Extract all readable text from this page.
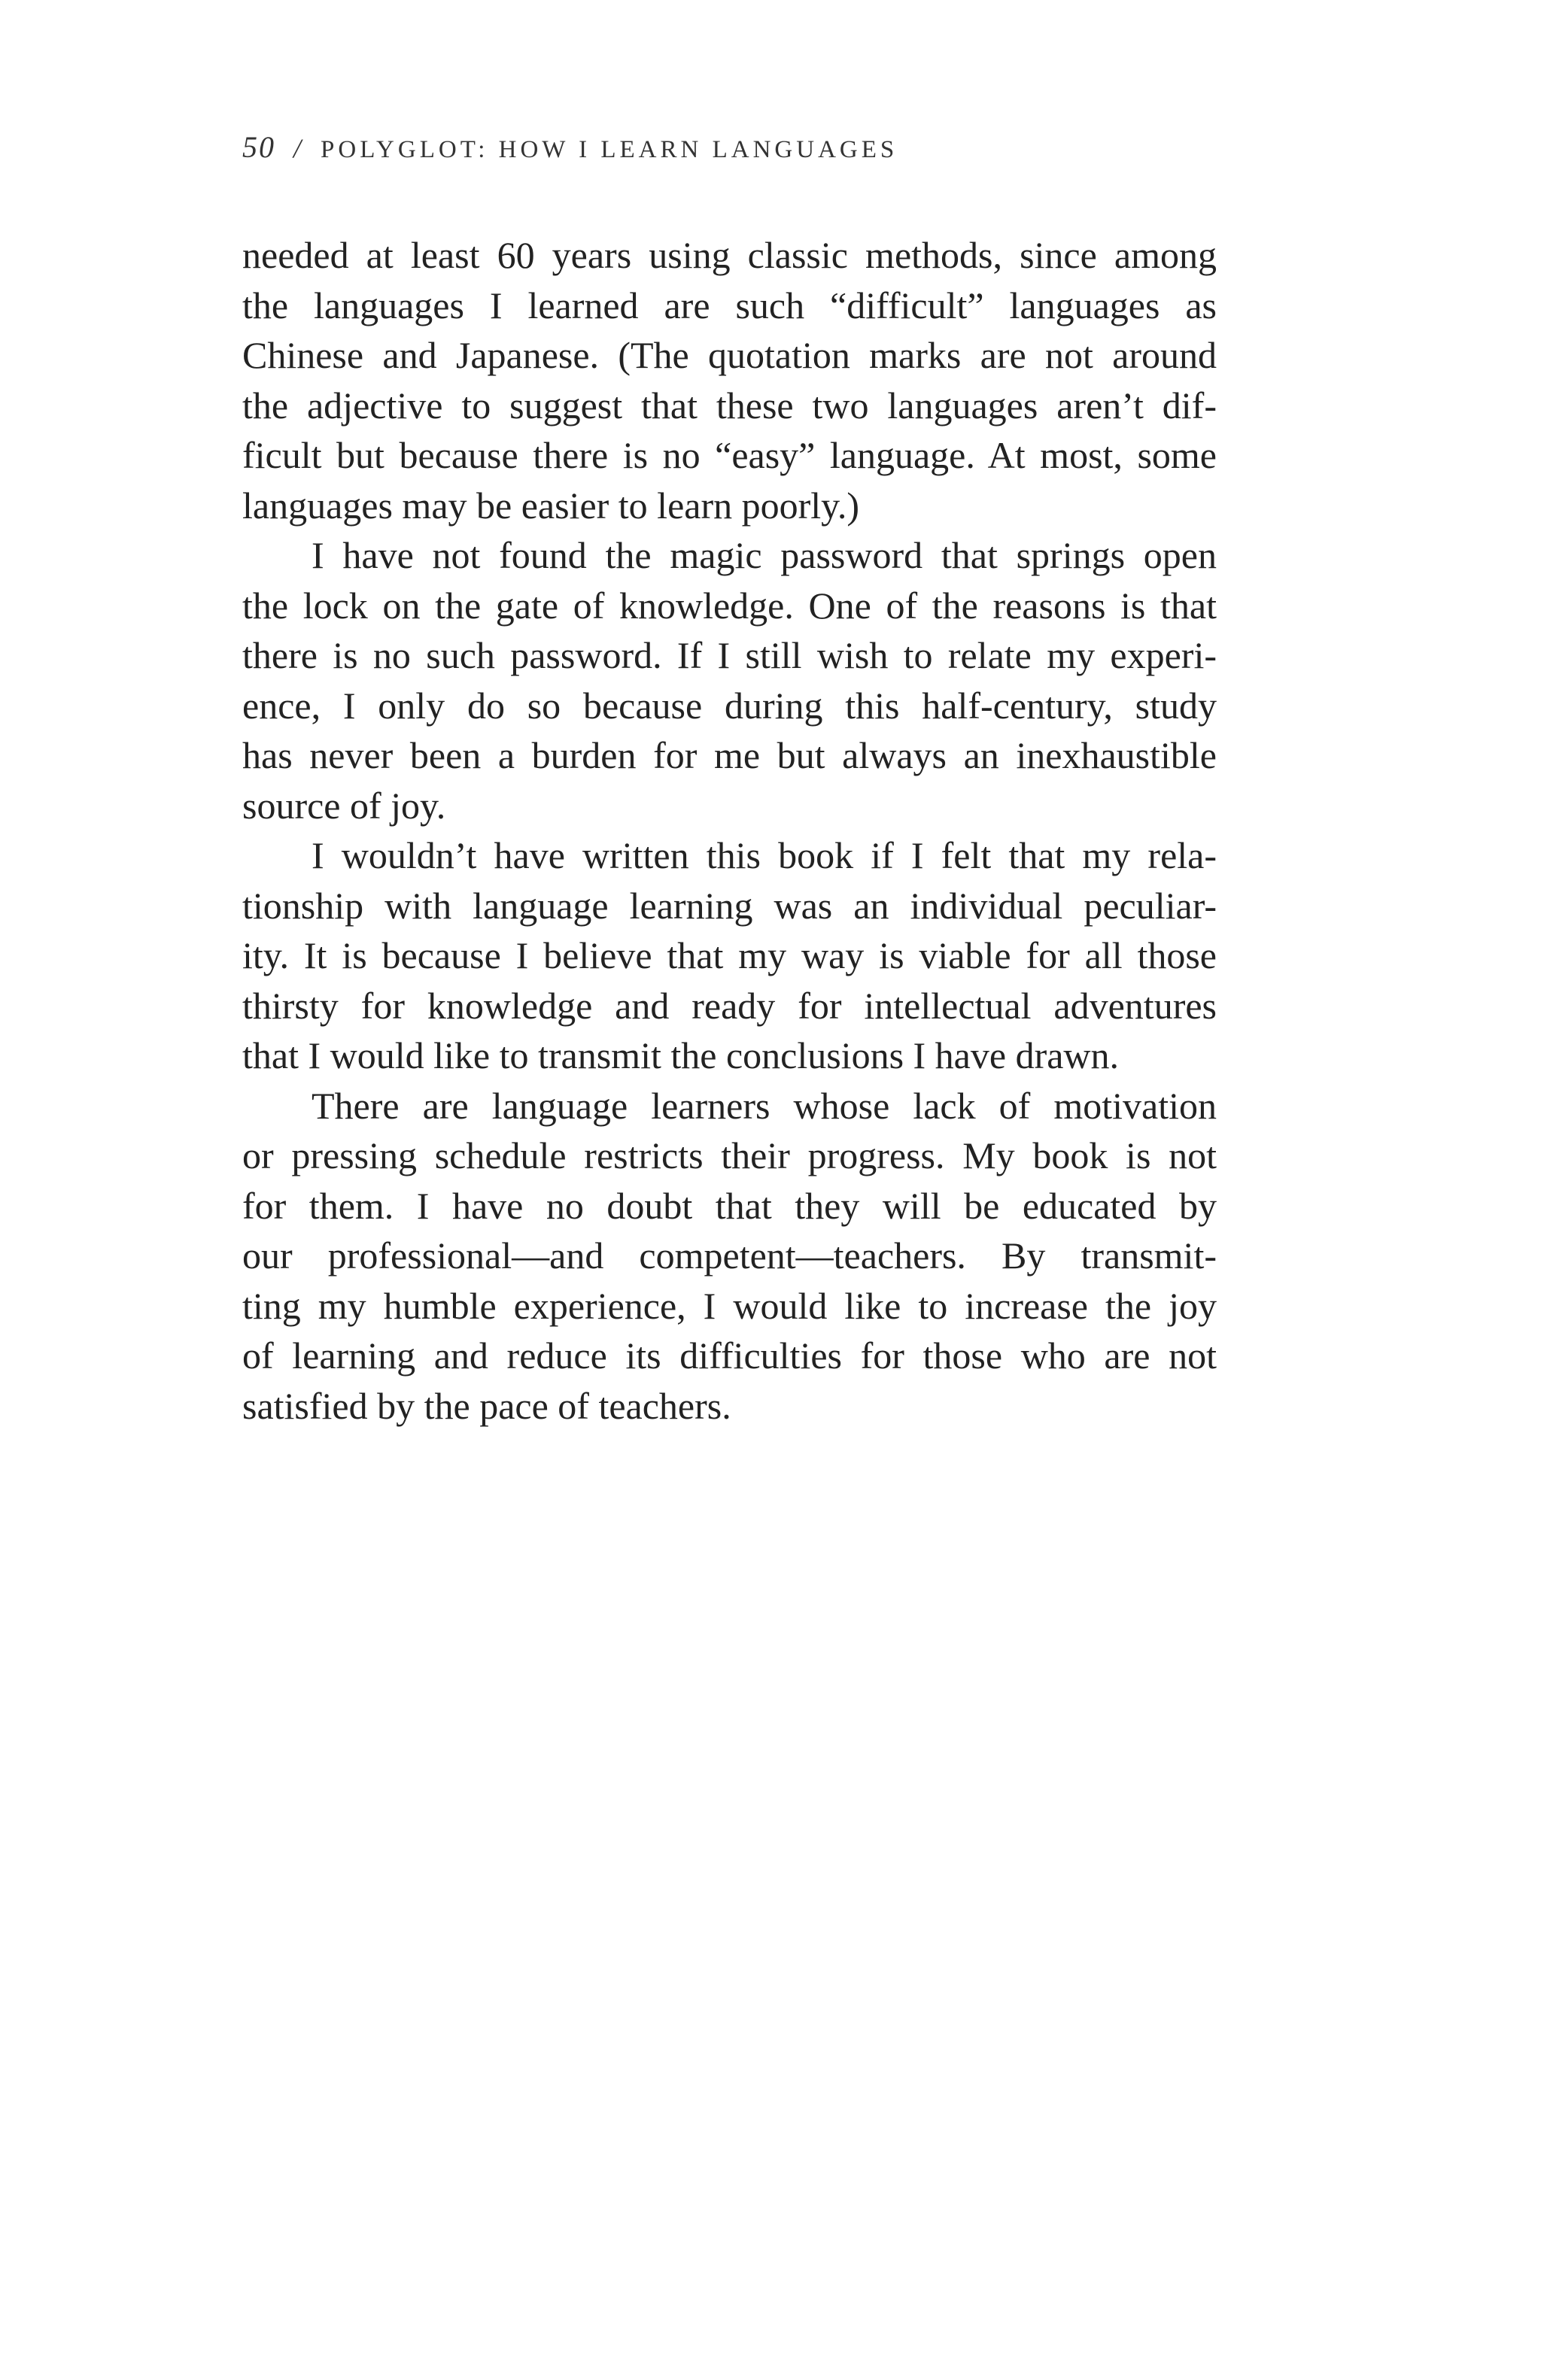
50 / POLYGLOT: HOW I LEARN LANGUAGES
needed at least 60 years using classic methods, since among
the languages I learned are such “difficult” languages as
Chinese and Japanese. (The quotation marks are not around
the adjective to suggest that these two languages aren’t dif-
ficult but because there is no “easy” language. At most, some
languages may be easier to learn poorly.)
I have not found the magic password that springs open
the lock on the gate of knowledge. One of the reasons is that
there is no such password. If I still wish to relate my experi-
ence, I only do so because during this half-century, study
has never been a burden for me but always an inexhaustible
source of joy.
I wouldn’t have written this book if I felt that my rela-
tionship with language learning was an individual peculiar-
ity. It is because I believe that my way is viable for all those
thirsty for knowledge and ready for intellectual adventures
that I would like to transmit the conclusions I have drawn.
There are language learners whose lack of motivation
or pressing schedule restricts their progress. My book is not
for them. I have no doubt that they will be educated by
our professional—and competent—teachers. By transmit-
ting my humble experience, I would like to increase the joy
of learning and reduce its difficulties for those who are not
satisfied by the pace of teachers.
